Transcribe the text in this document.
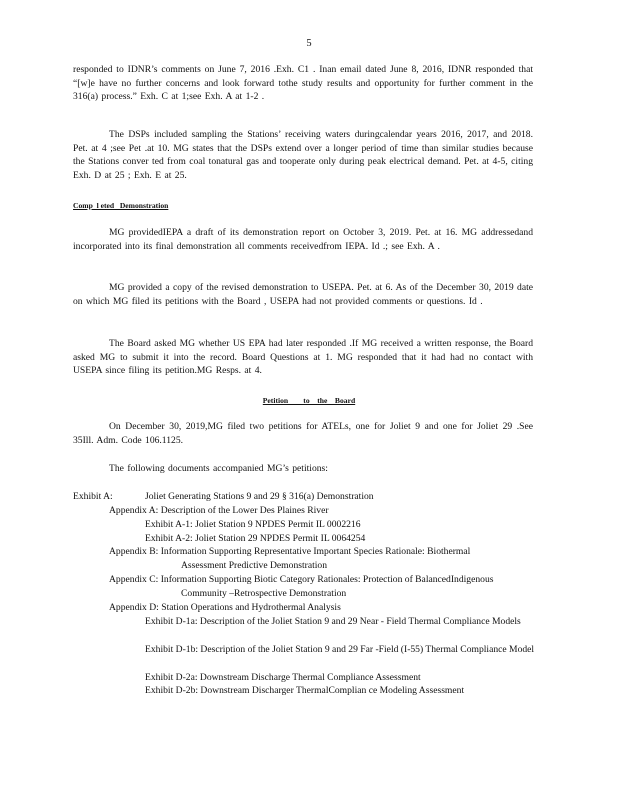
5

responded to IDNR’s comments on June 7, 2016 .Exh. C1 . Inan email dated June 8, 2016, IDNR responded that “[w]e have no further concerns and look forward tothe study results and opportunity for further comment in the 316(a) process.” Exh. C at 1;see Exh. A at 1-2 .

The DSPs included sampling the Stations’ receiving waters duringcalendar years 2016, 2017, and 2018. Pet. at 4 ;see Pet .at 10. MG states that the DSPs extend over a longer period of time than similar studies because the Stations conver ted from coal tonatural gas and tooperate only during peak electrical demand. Pet. at 4-5, citing Exh. D at 25 ; Exh. E at 25.

Comp  l eted   Demonstration

MG providedIEPA a draft of its demonstration report on October 3, 2019. Pet. at 16. MG addressedand incorporated into its final demonstration all comments receivedfrom IEPA. Id .; see Exh. A .

MG provided a copy of the revised demonstration to USEPA. Pet. at 6. As of the December 30, 2019 date on which MG filed its petitions with the Board , USEPA had not provided comments or questions. Id .

The Board asked MG whether US EPA had later responded .If MG received a written response, the Board asked MG to submit it into the record. Board Questions at 1. MG responded that it had had no contact with USEPA since filing its petition.MG Resps. at 4.

Petition        to    the    Board

On December 30, 2019,MG filed two petitions for ATELs, one for Joliet 9 and one for Joliet 29 .See 35Ill. Adm. Code 106.1125.

The following documents accompanied MG’s petitions:

Exhibit A:	Joliet Generating Stations 9 and 29 § 316(a) Demonstration
Appendix A: Description of the Lower Des Plaines River
Exhibit A-1: Joliet Station 9 NPDES Permit IL 0002216
Exhibit A-2: Joliet Station 29 NPDES Permit IL 0064254
Appendix B: Information Supporting Representative Important Species Rationale: Biothermal Assessment Predictive Demonstration
Appendix C: Information Supporting Biotic Category Rationales: Protection of BalancedIndigenous Community –Retrospective Demonstration
Appendix D: Station Operations and Hydrothermal Analysis
Exhibit D-1a: Description of the Joliet Station 9 and 29 Near - Field Thermal Compliance Models
Exhibit D-1b: Description of the Joliet Station 9 and 29 Far -Field (I-55) Thermal Compliance Model
Exhibit D-2a: Downstream Discharge Thermal Compliance Assessment
Exhibit D-2b: Downstream Discharger ThermalComplian ce Modeling Assessment
